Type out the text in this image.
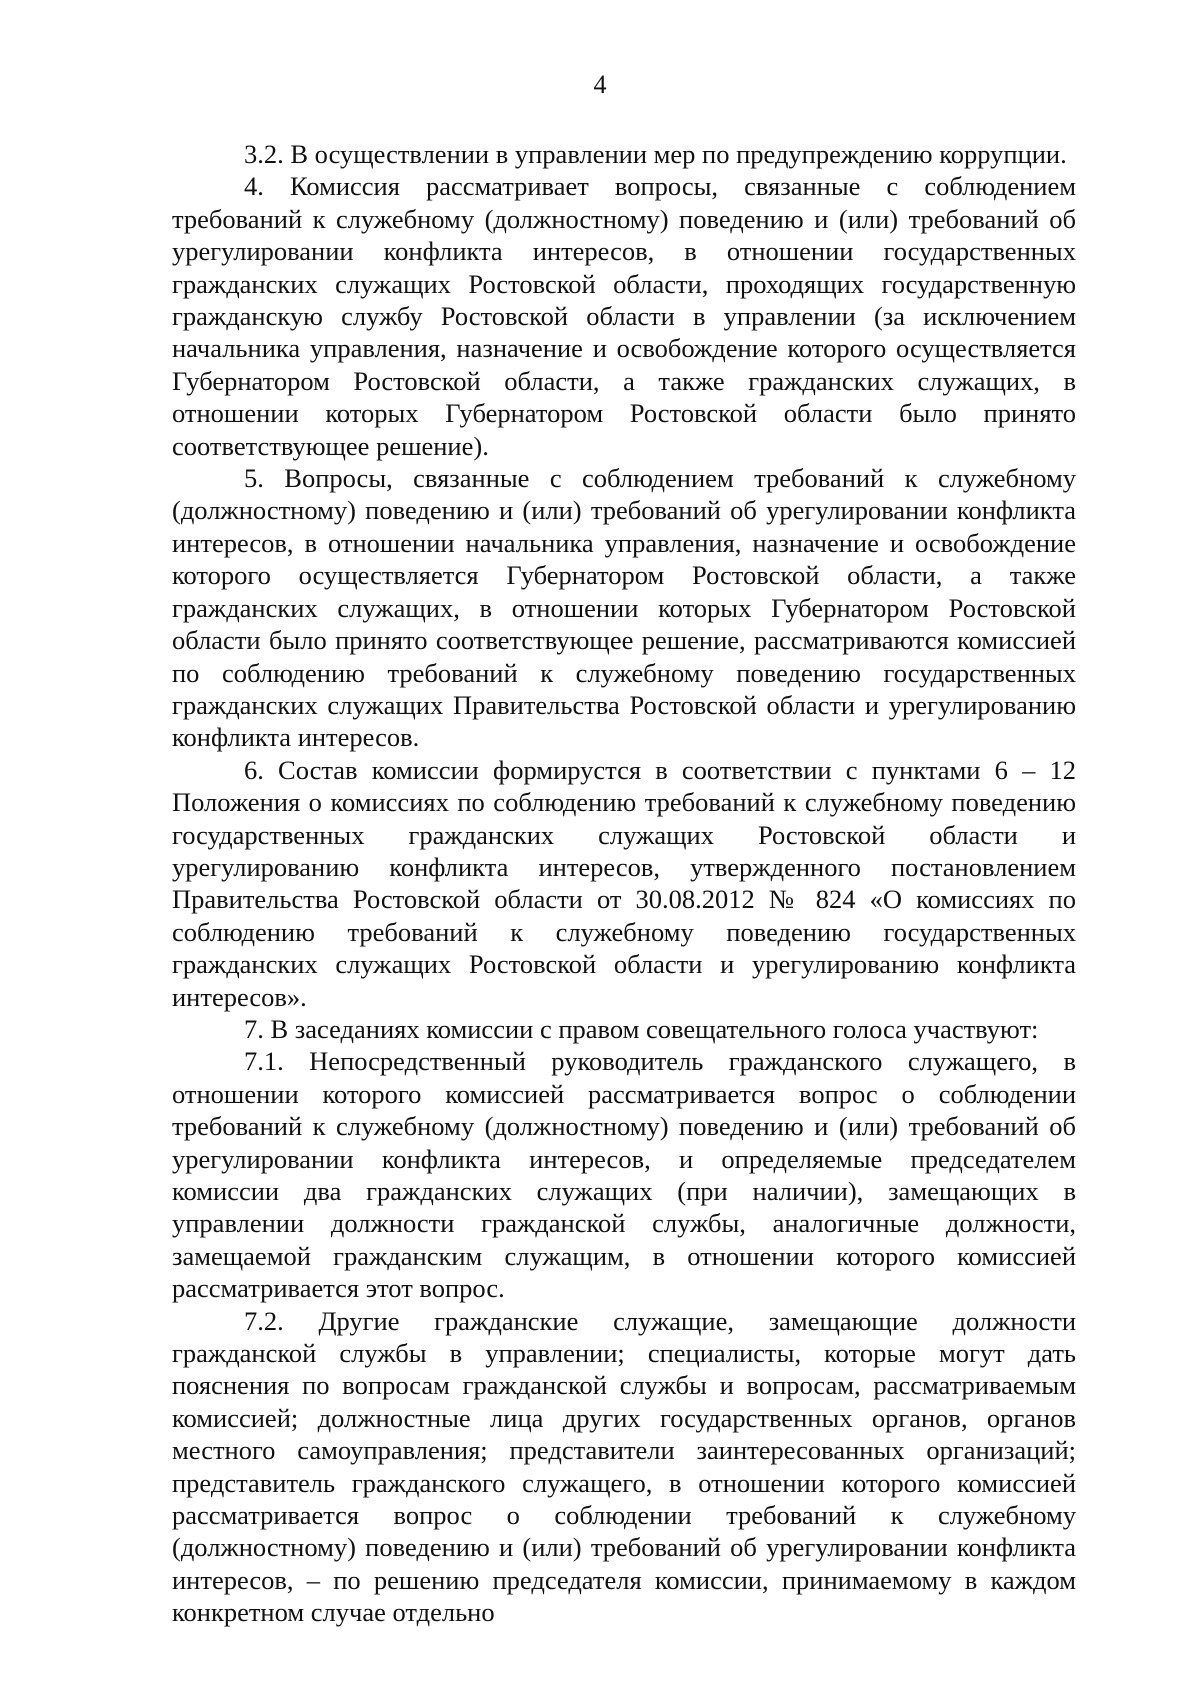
4

3.2. В осуществлении в управлении мер по предупреждению коррупции.

4. Комиссия рассматривает вопросы, связанные с соблюдением требований к служебному (должностному) поведению и (или) требований об урегулировании конфликта интересов, в отношении государственных гражданских служащих Ростовской области, проходящих государственную гражданскую службу Ростовской области в управлении (за исключением начальника управления, назначение и освобождение которого осуществляется Губернатором Ростовской области, а также гражданских служащих, в отношении которых Губернатором Ростовской области было принято соответствующее решение).

5. Вопросы, связанные с соблюдением требований к служебному (должностному) поведению и (или) требований об урегулировании конфликта интересов, в отношении начальника управления, назначение и освобождение которого осуществляется Губернатором Ростовской области, а также гражданских служащих, в отношении которых Губернатором Ростовской области было принято соответствующее решение, рассматриваются комиссией по соблюдению требований к служебному поведению государственных гражданских служащих Правительства Ростовской области и урегулированию конфликта интересов.

6. Состав комиссии формирустся в соответствии с пунктами 6 – 12 Положения о комиссиях по соблюдению требований к служебному поведению государственных гражданских служащих Ростовской области и урегулированию конфликта интересов, утвержденного постановлением Правительства Ростовской области от 30.08.2012 № 824 «О комиссиях по соблюдению требований к служебному поведению государственных гражданских служащих Ростовской области и урегулированию конфликта интересов».

7. В заседаниях комиссии с правом совещательного голоса участвуют:

7.1. Непосредственный руководитель гражданского служащего, в отношении которого комиссией рассматривается вопрос о соблюдении требований к служебному (должностному) поведению и (или) требований об урегулировании конфликта интересов, и определяемые председателем комиссии два гражданских служащих (при наличии), замещающих в управлении должности гражданской службы, аналогичные должности, замещаемой гражданским служащим, в отношении которого комиссией рассматривается этот вопрос.

7.2. Другие гражданские служащие, замещающие должности гражданской службы в управлении; специалисты, которые могут дать пояснения по вопросам гражданской службы и вопросам, рассматриваемым комиссией; должностные лица других государственных органов, органов местного самоуправления; представители заинтересованных организаций; представитель гражданского служащего, в отношении которого комиссией рассматривается вопрос о соблюдении требований к служебному (должностному) поведению и (или) требований об урегулировании конфликта интересов, – по решению председателя комиссии, принимаемому в каждом конкретном случае отдельно
